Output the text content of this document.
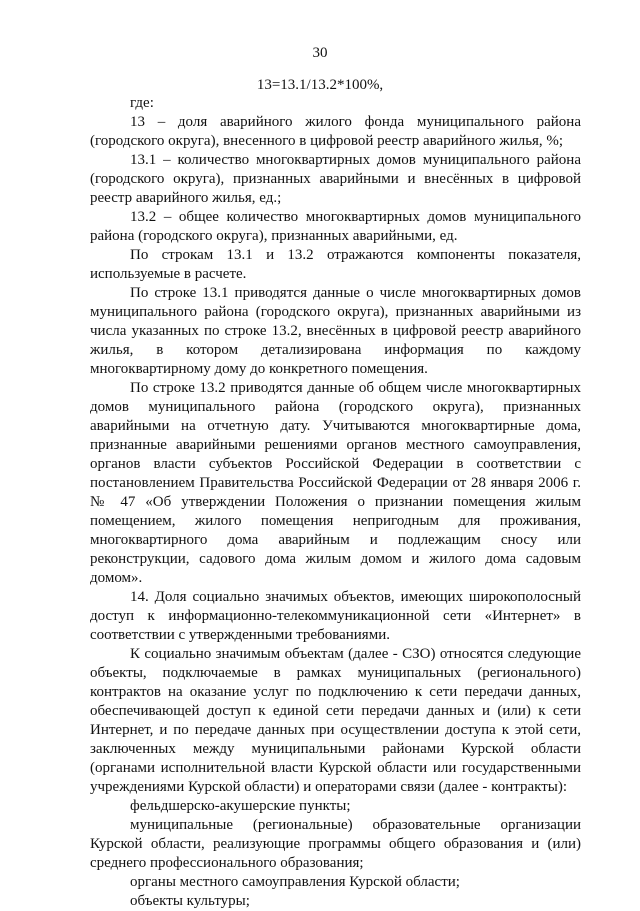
30
13=13.1/13.2*100%,

где:

13 – доля аварийного жилого фонда муниципального района (городского округа), внесенного в цифровой реестр аварийного жилья, %;

13.1 – количество многоквартирных домов муниципального района (городского округа), признанных аварийными и внесённых в цифровой реестр аварийного жилья, ед.;

13.2 – общее количество многоквартирных домов муниципального района (городского округа), признанных аварийными, ед.

По строкам 13.1 и 13.2 отражаются компоненты показателя, используемые в расчете.

По строке 13.1 приводятся данные о числе многоквартирных домов муниципального района (городского округа), признанных аварийными из числа указанных по строке 13.2, внесённых в цифровой реестр аварийного жилья, в котором детализирована информация по каждому многоквартирному дому до конкретного помещения.

По строке 13.2 приводятся данные об общем числе многоквартирных домов муниципального района (городского округа), признанных аварийными на отчетную дату. Учитываются многоквартирные дома, признанные аварийными решениями органов местного самоуправления, органов власти субъектов Российской Федерации в соответствии с постановлением Правительства Российской Федерации от 28 января 2006 г. № 47 «Об утверждении Положения о признании помещения жилым помещением, жилого помещения непригодным для проживания, многоквартирного дома аварийным и подлежащим сносу или реконструкции, садового дома жилым домом и жилого дома садовым домом».

14. Доля социально значимых объектов, имеющих широкополосный доступ к информационно-телекоммуникационной сети «Интернет» в соответствии с утвержденными требованиями.

К социально значимым объектам (далее - СЗО) относятся следующие объекты, подключаемые в рамках муниципальных (регионального) контрактов на оказание услуг по подключению к сети передачи данных, обеспечивающей доступ к единой сети передачи данных и (или) к сети Интернет, и по передаче данных при осуществлении доступа к этой сети, заключенных между муниципальными районами Курской области (органами исполнительной власти Курской области или государственными учреждениями Курской области) и операторами связи (далее - контракты):

фельдшерско-акушерские пункты;

муниципальные (региональные) образовательные организации Курской области, реализующие программы общего образования и (или) среднего профессионального образования;

органы местного самоуправления Курской области;

объекты культуры;
